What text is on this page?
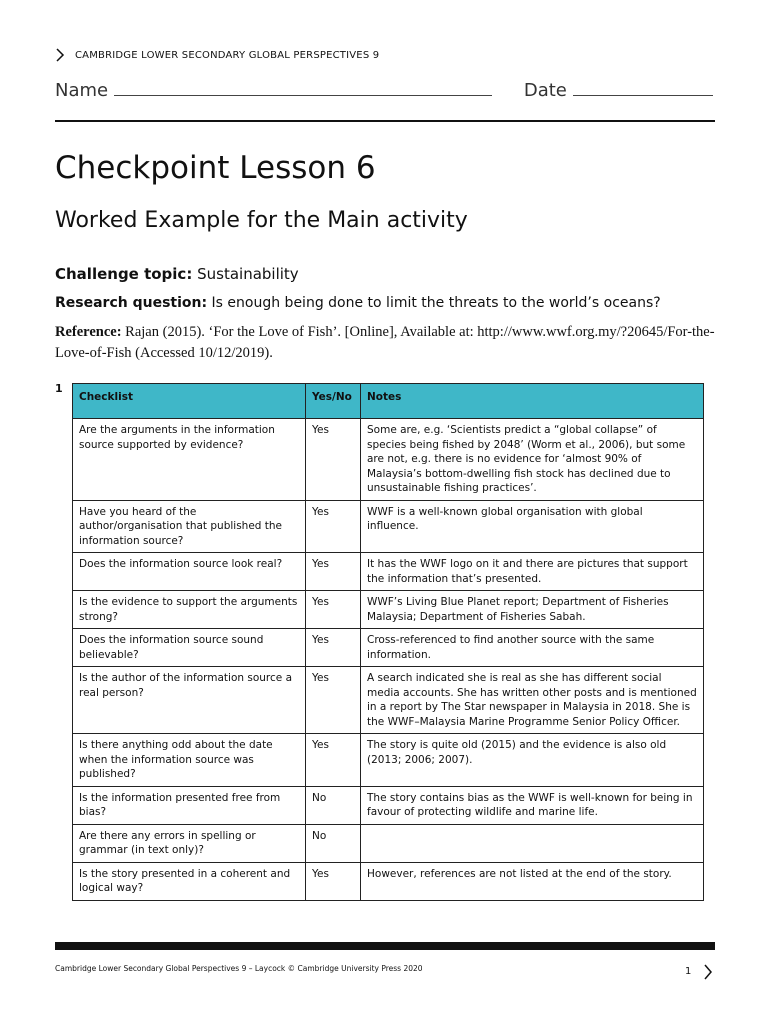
CAMBRIDGE LOWER SECONDARY GLOBAL PERSPECTIVES 9
Name	Date
Checkpoint Lesson 6
Worked Example for the Main activity
Challenge topic: Sustainability
Research question: Is enough being done to limit the threats to the world’s oceans?
Reference: Rajan (2015). ‘For the Love of Fish’. [Online], Available at: http://www.wwf.org.my/?20645/For-the-Love-of-Fish (Accessed 10/12/2019).
1
Checklist	Yes/No	Notes
Are the arguments in the information source supported by evidence?	Yes	Some are, e.g. ‘Scientists predict a “global collapse” of species being fished by 2048’ (Worm et al., 2006), but some are not, e.g. there is no evidence for ‘almost 90% of Malaysia’s bottom-dwelling fish stock has declined due to unsustainable fishing practices’.
Have you heard of the author/organisation that published the information source?	Yes	WWF is a well-known global organisation with global influence.
Does the information source look real?	Yes	It has the WWF logo on it and there are pictures that support the information that’s presented.
Is the evidence to support the arguments strong?	Yes	WWF’s Living Blue Planet report; Department of Fisheries Malaysia; Department of Fisheries Sabah.
Does the information source sound believable?	Yes	Cross-referenced to find another source with the same information.
Is the author of the information source a real person?	Yes	A search indicated she is real as she has different social media accounts. She has written other posts and is mentioned in a report by The Star newspaper in Malaysia in 2018. She is the WWF–Malaysia Marine Programme Senior Policy Officer.
Is there anything odd about the date when the information source was published?	Yes	The story is quite old (2015) and the evidence is also old (2013; 2006; 2007).
Is the information presented free from bias?	No	The story contains bias as the WWF is well-known for being in favour of protecting wildlife and marine life.
Are there any errors in spelling or grammar (in text only)?	No	
Is the story presented in a coherent and logical way?	Yes	However, references are not listed at the end of the story.
Cambridge Lower Secondary Global Perspectives 9 – Laycock © Cambridge University Press 2020	1
